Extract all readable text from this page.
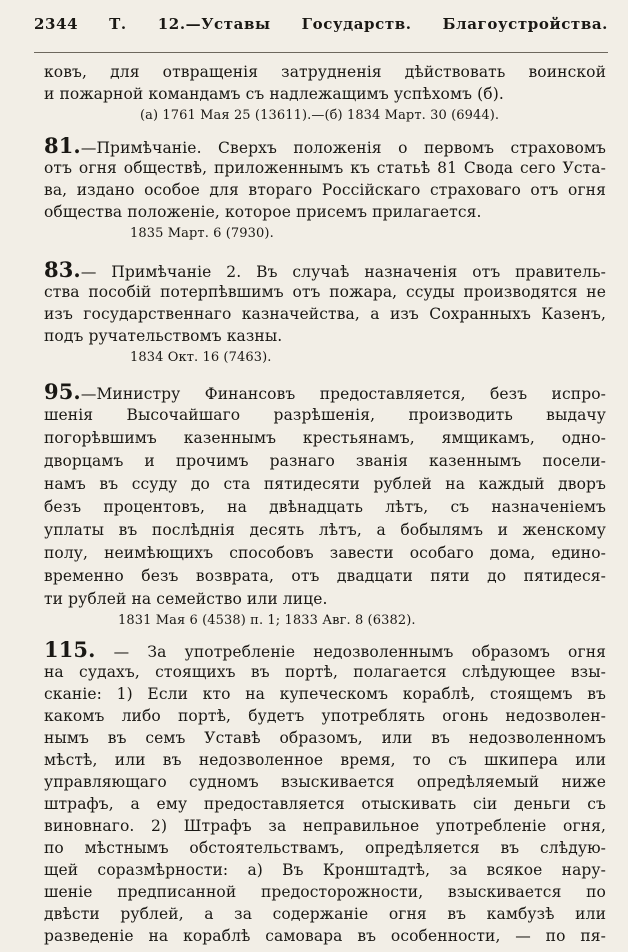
2344 Т. 12.—Уставы Государств. Благоустройства.
ковъ, для отвращенія затрудненія дѣйствовать воинской
и пожарной командамъ съ надлежащимъ успѣхомъ (б).
(а) 1761 Мая 25 (13611).—(б) 1834 Март. 30 (6944).
81.—Примѣчаніе. Сверхъ положенія о первомъ страховомъ
отъ огня обществѣ, приложеннымъ къ статьѣ 81 Свода сего Уста-
ва, издано особое для втораго Россійскаго страховаго отъ огня
общества положеніе, которое присемъ прилагается.
1835 Март. 6 (7930).
83.— Примѣчаніе 2. Въ случаѣ назначенія отъ правитель-
ства пособій потерпѣвшимъ отъ пожара, ссуды производятся не
изъ государственнаго казначейства, а изъ Сохранныхъ Казенъ,
подъ ручательствомъ казны.
1834 Окт. 16 (7463).
95.—Министру Финансовъ предоставляется, безъ испро-
шенія Высочайшаго разрѣшенія, производить выдачу
погорѣвшимъ казеннымъ крестьянамъ, ямщикамъ, одно-
дворцамъ и прочимъ разнаго званія казеннымъ посели-
намъ въ ссуду до ста пятидесяти рублей на каждый дворъ
безъ процентовъ, на двѣнадцать лѣтъ, съ назначеніемъ
уплаты въ послѣднія десять лѣтъ, а бобылямъ и женскому
полу, неимѣющихъ способовъ завести особаго дома, едино-
временно безъ возврата, отъ двадцати пяти до пятидеся-
ти рублей на семейство или лице.
1831 Мая 6 (4538) п. 1; 1833 Авг. 8 (6382).
115. — За употребленіе недозволеннымъ образомъ огня
на судахъ, стоящихъ въ портѣ, полагается слѣдующее взы-
сканіе: 1) Если кто на купеческомъ кораблѣ, стоящемъ въ
какомъ либо портѣ, будетъ употреблять огонь недозволен-
нымъ въ семъ Уставѣ образомъ, или въ недозволенномъ
мѣстѣ, или въ недозволенное время, то съ шкипера или
управляющаго судномъ взыскивается опредѣляемый ниже
штрафъ, а ему предоставляется отыскивать сіи деньги съ
виновнаго. 2) Штрафъ за неправильное употребленіе огня,
по мѣстнымъ обстоятельствамъ, опредѣляется въ слѣдую-
щей соразмѣрности: а) Въ Кронштадтѣ, за всякое нару-
шеніе предписанной предосторожности, взыскивается по
двѣсти рублей, а за содержаніе огня въ камбузѣ или
разведеніе на кораблѣ самовара въ особенности, — по пя-
